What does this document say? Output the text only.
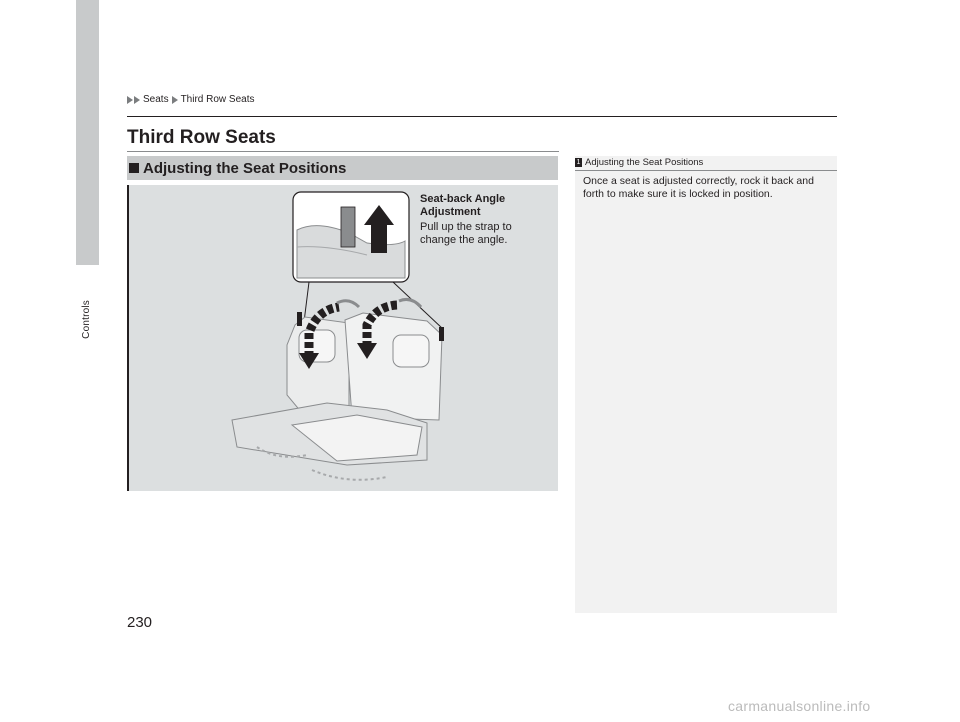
Controls
Seats Third Row Seats
Third Row Seats
Adjusting the Seat Positions
Seat-back Angle Adjustment
Pull up the strap to change the angle.
1 Adjusting the Seat Positions
Once a seat is adjusted correctly, rock it back and forth to make sure it is locked in position.
230
carmanualsonline.info
